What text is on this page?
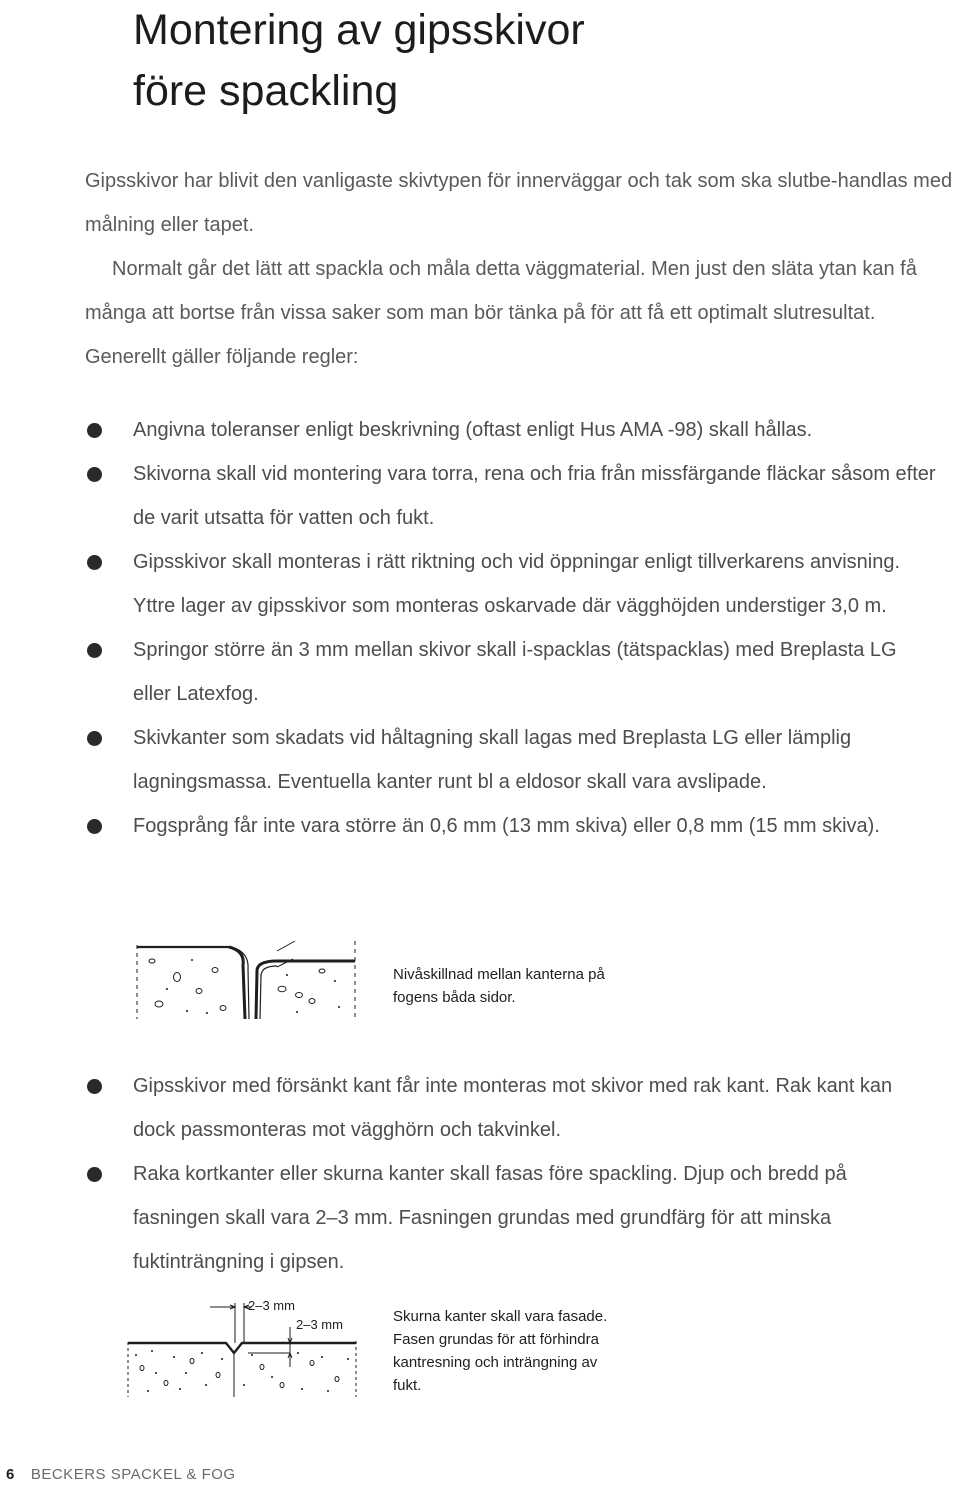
Montering av gipsskivor
före spackling

Gipsskivor har blivit den vanligaste skivtypen för innerväggar och tak som ska slutbe-handlas med målning eller tapet.

Normalt går det lätt att spackla och måla detta väggmaterial. Men just den släta ytan kan få många att bortse från vissa saker som man bör tänka på för att få ett optimalt slutresultat. Generellt gäller följande regler:

Angivna toleranser enligt beskrivning (oftast enligt Hus AMA -98) skall hållas.
Skivorna skall vid montering vara torra, rena och fria från missfärgande fläckar såsom efter de varit utsatta för vatten och fukt.
Gipsskivor skall monteras i rätt riktning och vid öppningar enligt tillverkarens anvisning. Yttre lager av gipsskivor som monteras oskarvade där vägghöjden understiger 3,0 m.
Springor större än 3 mm mellan skivor skall i-spacklas (tätspacklas) med Breplasta LG eller Latexfog.
Skivkanter som skadats vid håltagning skall lagas med Breplasta LG eller lämplig lagningsmassa. Eventuella kanter runt bl a eldosor skall vara avslipade.
Fogsprång får inte vara större än 0,6 mm (13 mm skiva) eller 0,8 mm (15 mm skiva).
Nivåskillnad mellan kanterna på fogens båda sidor.
Gipsskivor med försänkt kant får inte monteras mot skivor med rak kant. Rak kant kan dock passmonteras mot vägghörn och takvinkel.
Raka kortkanter eller skurna kanter skall fasas före spackling. Djup och bredd på fasningen skall vara 2–3 mm. Fasningen grundas med grundfärg för att minska fuktinträngning i gipsen.
2–3 mm
2–3 mm	Skurna kanter skall vara fasade. Fasen grundas för att förhindra kantresning och inträngning av fukt.
6 BECKERS SPACKEL & FOG
